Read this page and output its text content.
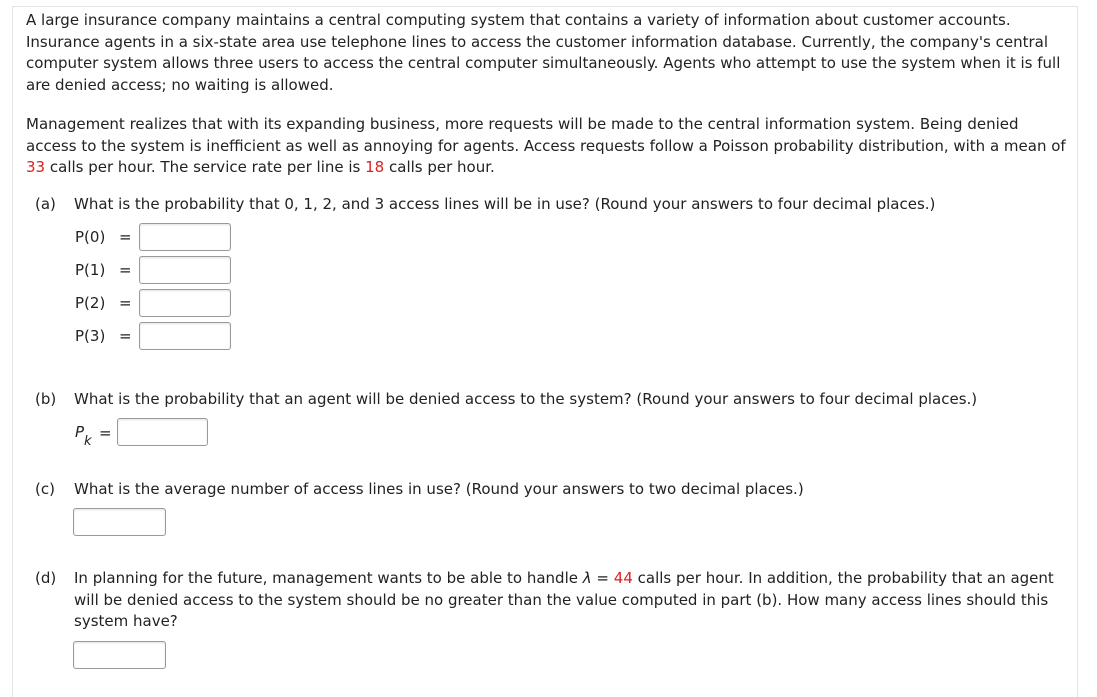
A large insurance company maintains a central computing system that contains a variety of information about customer accounts. Insurance agents in a six-state area use telephone lines to access the customer information database. Currently, the company's central computer system allows three users to access the central computer simultaneously. Agents who attempt to use the system when it is full are denied access; no waiting is allowed.

Management realizes that with its expanding business, more requests will be made to the central information system. Being denied access to the system is inefficient as well as annoying for agents. Access requests follow a Poisson probability distribution, with a mean of 33 calls per hour. The service rate per line is 18 calls per hour.

(a) What is the probability that 0, 1, 2, and 3 access lines will be in use? (Round your answers to four decimal places.)
P(0) =
P(1) =
P(2) =
P(3) =
(b) What is the probability that an agent will be denied access to the system? (Round your answers to four decimal places.)
P
k =
(c) What is the average number of access lines in use? (Round your answers to two decimal places.)
(d) In planning for the future, management wants to be able to handle λ = 44 calls per hour. In addition, the probability that an agent will be denied access to the system should be no greater than the value computed in part (b). How many access lines should this system have?
